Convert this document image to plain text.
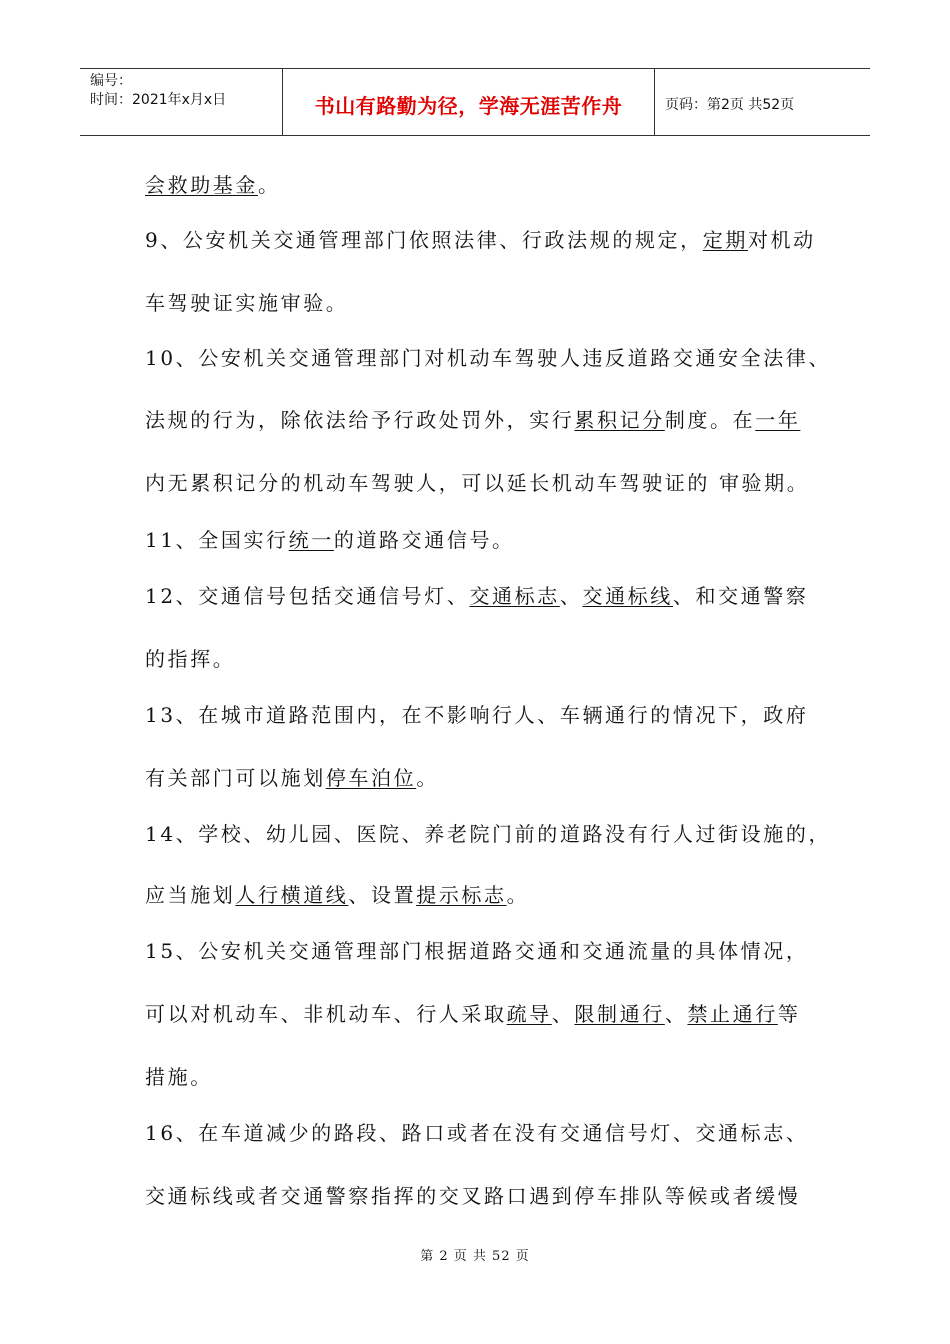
编号：
时间：2021年x月x日	书山有路勤为径，学海无涯苦作舟	页码：第2页 共52页
会救助基金。
9、公安机关交通管理部门依照法律、行政法规的规定，定期对机动
车驾驶证实施审验。
10、公安机关交通管理部门对机动车驾驶人违反道路交通安全法律、
法规的行为，除依法给予行政处罚外，实行累积记分制度。在一年
内无累积记分的机动车驾驶人，可以延长机动车驾驶证的 审验期。
11、全国实行统一的道路交通信号。
12、交通信号包括交通信号灯、交通标志、交通标线、和交通警察
的指挥。
13、在城市道路范围内，在不影响行人、车辆通行的情况下，政府
有关部门可以施划停车泊位。
14、学校、幼儿园、医院、养老院门前的道路没有行人过街设施的，
应当施划人行横道线、设置提示标志。
15、公安机关交通管理部门根据道路交通和交通流量的具体情况，
可以对机动车、非机动车、行人采取疏导、限制通行、禁止通行等
措施。
16、在车道减少的路段、路口或者在没有交通信号灯、交通标志、
交通标线或者交通警察指挥的交叉路口遇到停车排队等候或者缓慢
第 2 页 共 52 页
